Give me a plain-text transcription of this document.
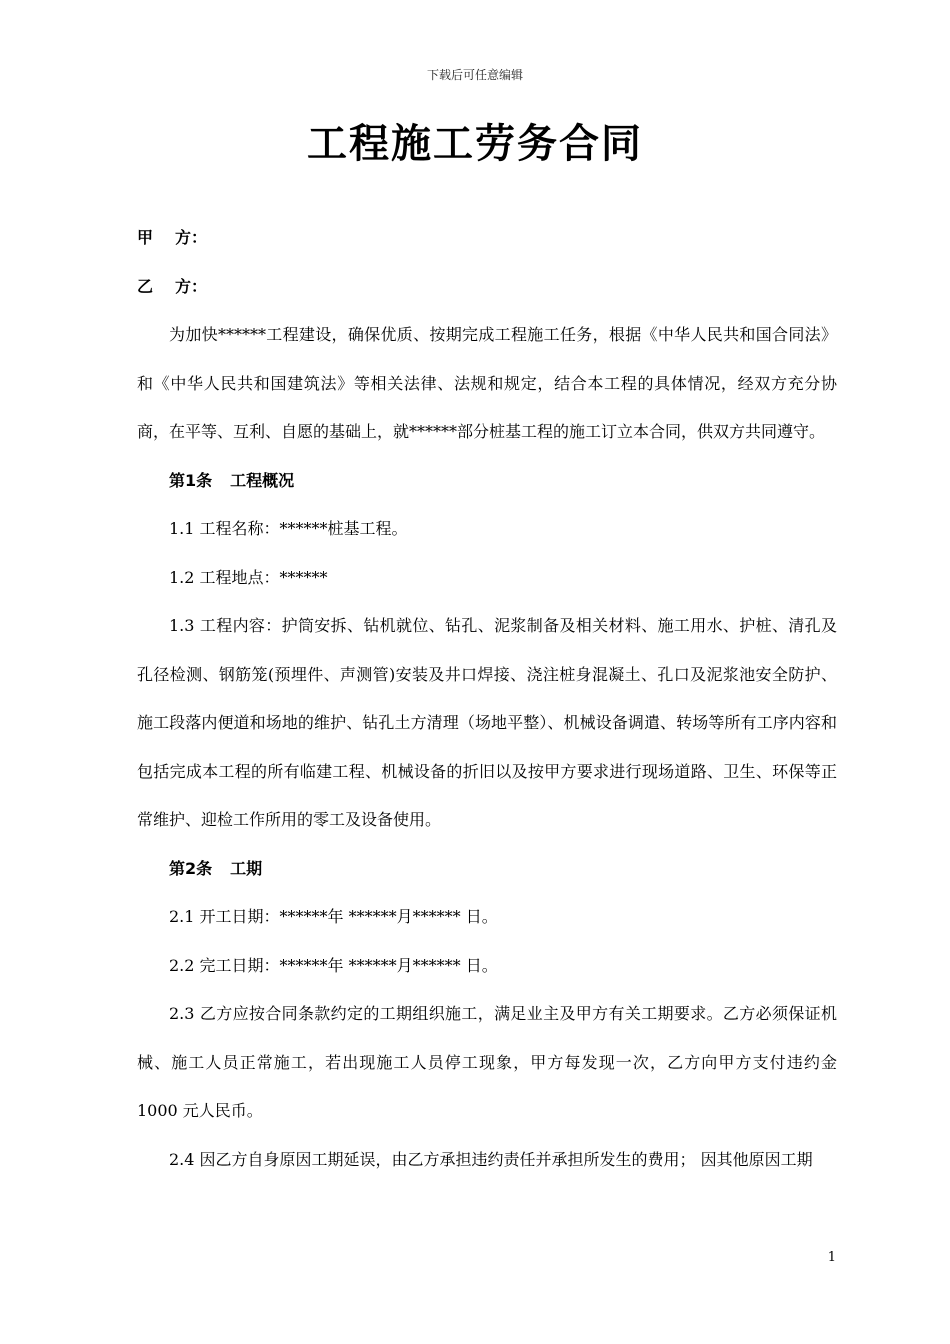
下载后可任意编辑
工程施工劳务合同

甲 方：

乙 方：

为加快******工程建设，确保优质、按期完成工程施工任务，根据《中华人民共和国合同法》和《中华人民共和国建筑法》等相关法律、法规和规定，结合本工程的具体情况，经双方充分协商，在平等、互利、自愿的基础上，就******部分桩基工程的施工订立本合同，供双方共同遵守。

第1条 工程概况

1.1 工程名称：******桩基工程。

1.2 工程地点：******

1.3 工程内容：护筒安拆、钻机就位、钻孔、泥浆制备及相关材料、施工用水、护桩、清孔及孔径检测、钢筋笼(预埋件、声测管)安装及井口焊接、浇注桩身混凝土、孔口及泥浆池安全防护、施工段落内便道和场地的维护、钻孔土方清理（场地平整）、机械设备调遣、转场等所有工序内容和包括完成本工程的所有临建工程、机械设备的折旧以及按甲方要求进行现场道路、卫生、环保等正常维护、迎检工作所用的零工及设备使用。

第2条 工期

2.1 开工日期：******年 ******月****** 日。

2.2 完工日期：******年 ******月****** 日。

2.3 乙方应按合同条款约定的工期组织施工，满足业主及甲方有关工期要求。乙方必须保证机械、施工人员正常施工，若出现施工人员停工现象，甲方每发现一次，乙方向甲方支付违约金 1000 元人民币。

2.4 因乙方自身原因工期延误，由乙方承担违约责任并承担所发生的费用； 因其他原因工期

1
